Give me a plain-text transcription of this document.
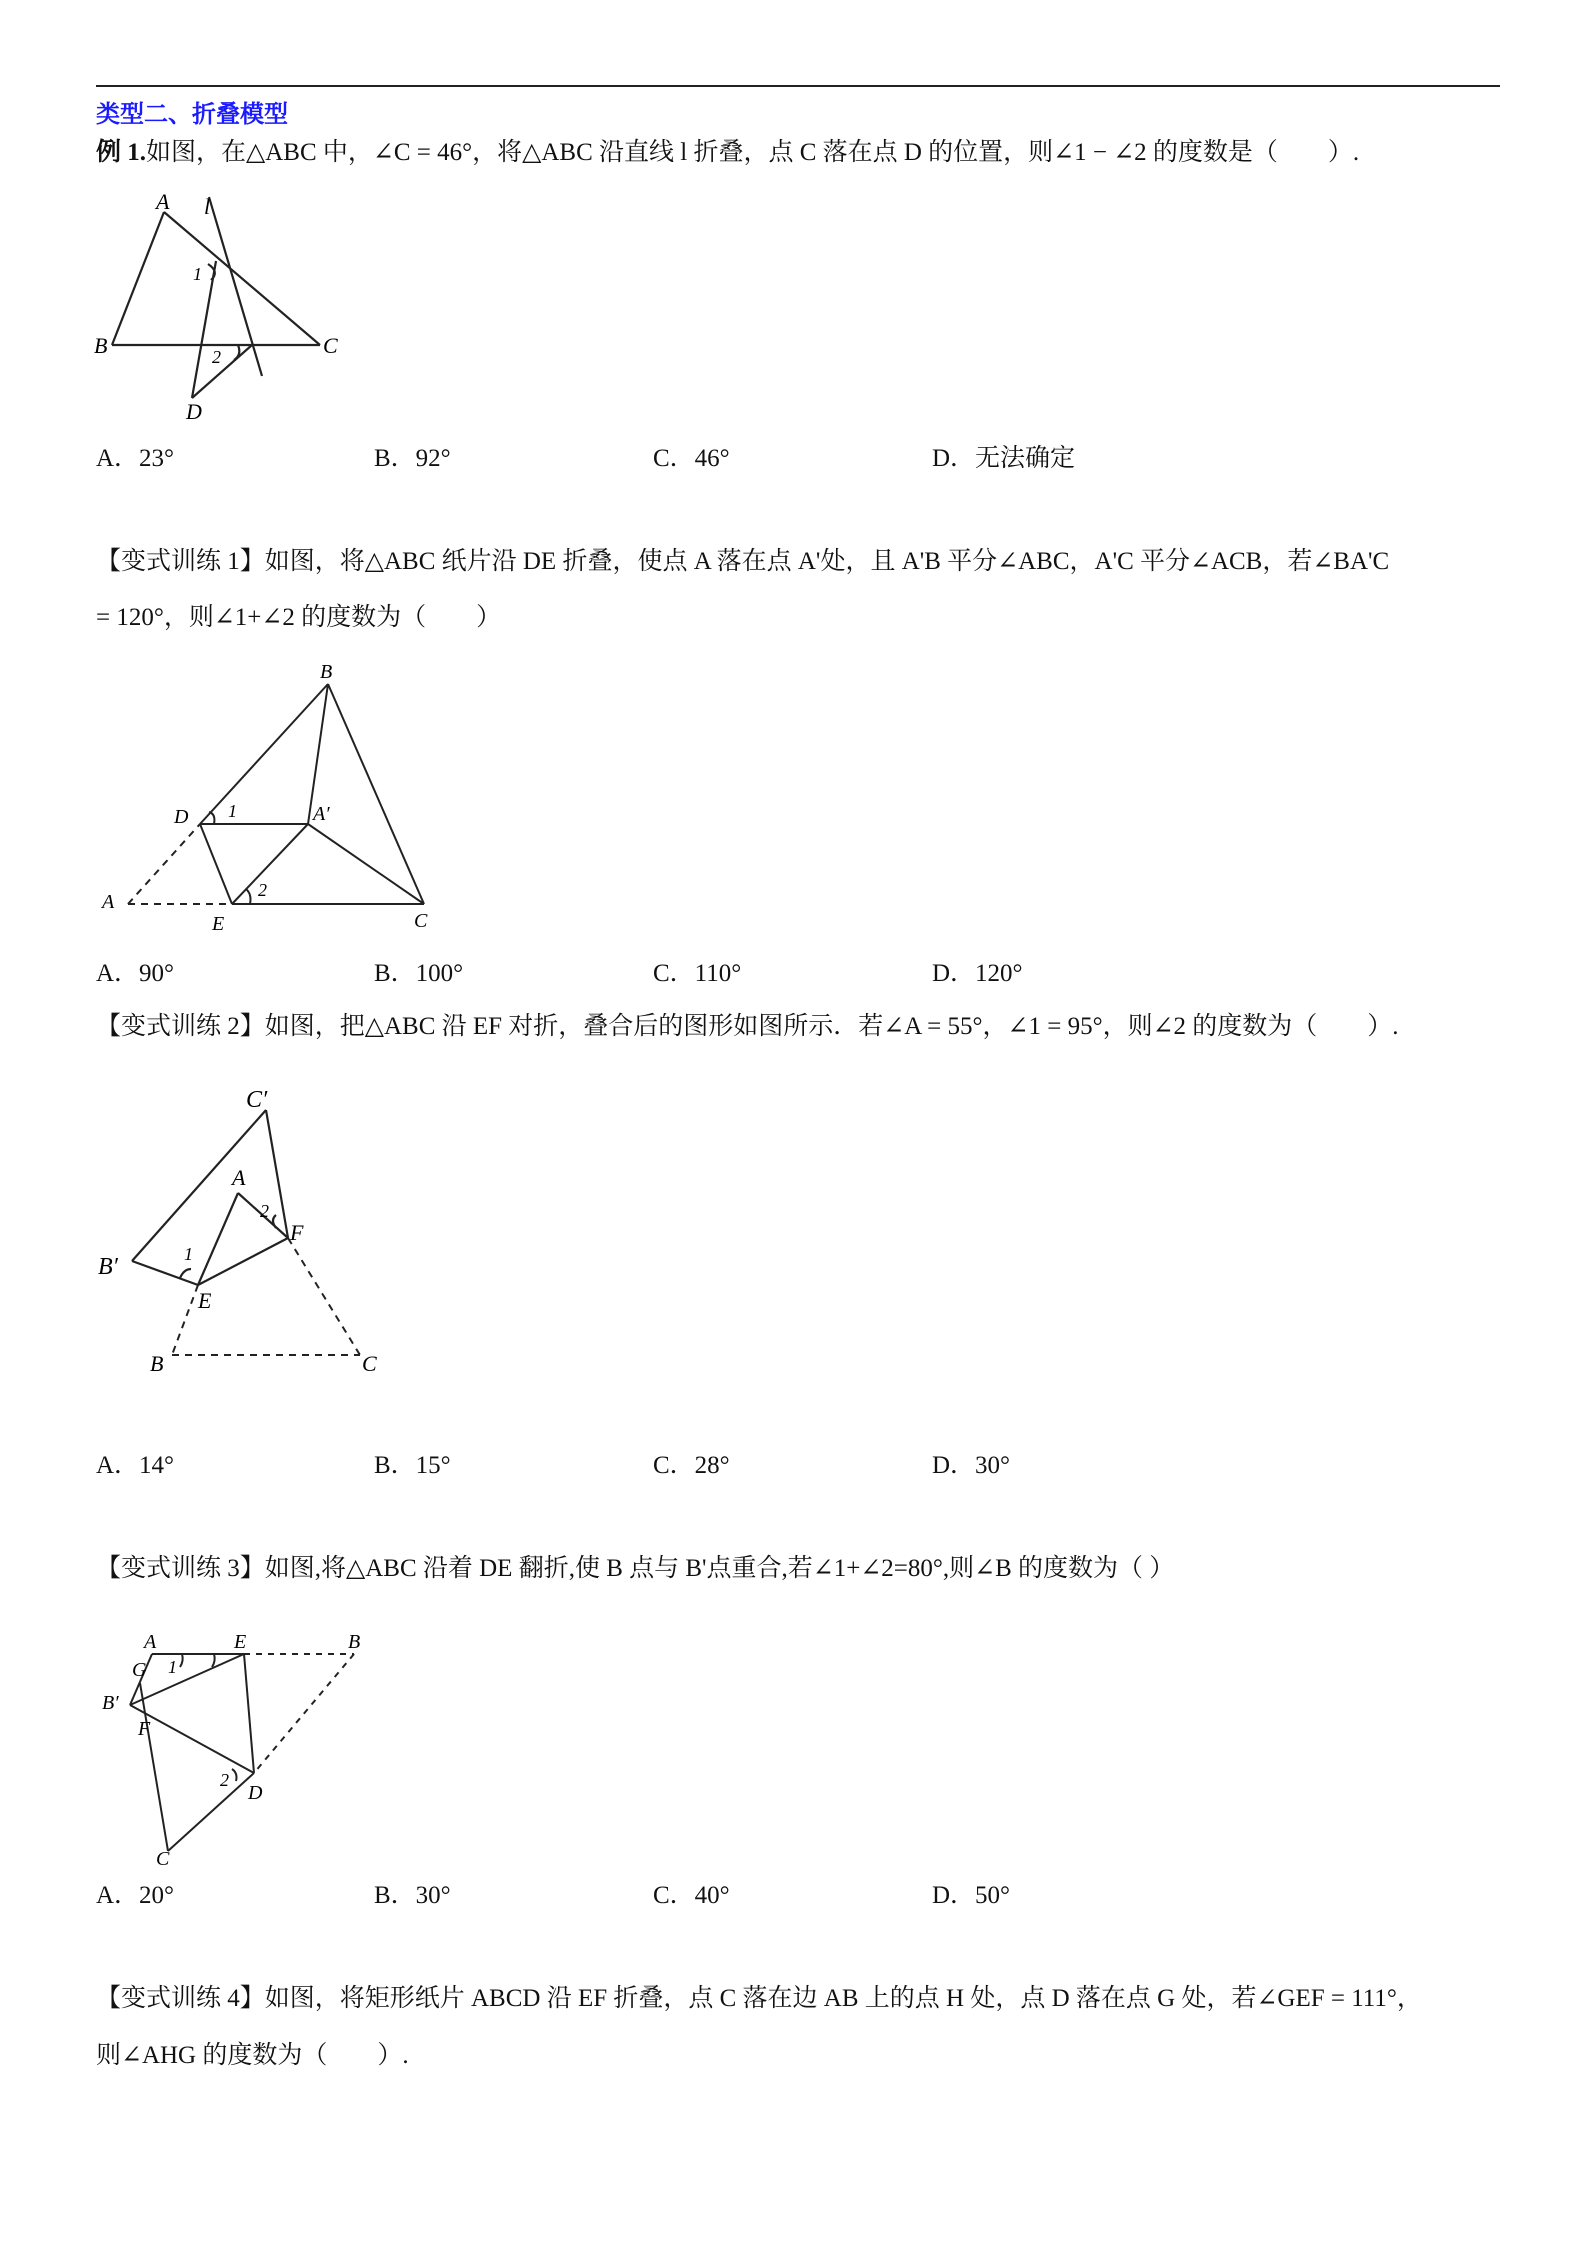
类型二、折叠模型
例 1.如图，在△ABC 中，∠C = 46°，将△ABC 沿直线 l 折叠，点 C 落在点 D 的位置，则∠1 − ∠2 的度数是（　　）.
A l
1
B	2	C
D
A．23°	B．92°	C．46°	D．无法确定
【变式训练 1】如图，将△ABC 纸片沿 DE 折叠，使点 A 落在点 A'处，且 A'B 平分∠ABC，A'C 平分∠ACB，若∠BA'C
= 120°，则∠1+∠2 的度数为（　　）
B
D 1	A′
A
2
E	C
A．90°	B．100°	C．110°	D．120°
【变式训练 2】如图，把△ABC 沿 EF 对折，叠合后的图形如图所示．若∠A = 55°，∠1 = 95°，则∠2 的度数为（　　）.
C′
A
2
F
B′	1
E
B	C
A．14°	B．15°	C．28°	D．30°
【变式训练 3】如图,将△ABC 沿着 DE 翻折,使 B 点与 B'点重合,若∠1+∠2=80°,则∠B 的度数为（ ）
A	E	B
G 1
B′
F
2
D
C
A．20°	B．30°	C．40°	D．50°
【变式训练 4】如图，将矩形纸片 ABCD 沿 EF 折叠，点 C 落在边 AB 上的点 H 处，点 D 落在点 G 处，若∠GEF = 111°，
则∠AHG 的度数为（　　）.
